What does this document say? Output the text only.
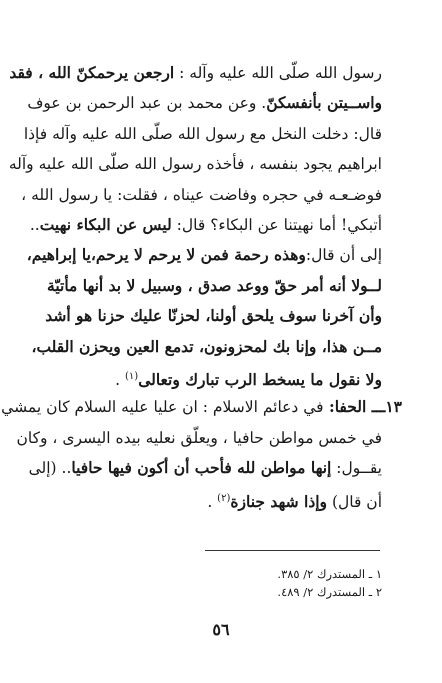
رسول الله صلّى الله عليه وآله : ارجعن يرحمكنّ الله ، فقد
واســيتن بأنفسكنّ. وعن محمد بن عبد الرحمن بن عوف
قال: دخلت النخل مع رسول الله صلّى الله عليه وآله فإذا
ابراهيم يجود بنفسه ، فأخذه رسول الله صلّى الله عليه وآله
فوضـعـه في حجره وفاضت عيناه ، فقلت: يا رسول الله ،
أتبكي! أما نهيتنا عن البكاء؟ قال: ليس عن البكاء نهيت..
إلى أن قال:وهذه رحمة فمن لا يرحم لا يرحم،يا إبراهيم،
لــولا أنه أمر حقّ ووعد صدق ، وسبيل لا بد أنها مأتيّة
وأن آخرنا سوف يلحق أولنا، لحزنّا عليك حزنا هو أشد
مــن هذا، وإنا بك لمحزونون، تدمع العين ويحزن القلب،
ولا نقول ما يسخط الرب تبارك وتعالى$^{(١)}$ .
١٣ـــ الحفا: في دعائم الاسلام : ان عليا عليه السلام كان يمشي
في خمس مواطن حافيا ، ويعلّق نعليه بيده اليسرى ، وكان
يقــول: إنها مواطن لله فأحب أن أكون فيها حافيا.. (إلى
أن قال) وإذا شهد جنازة$^{(٢)}$ .
١ ـ المستدرك ٢/ ٣٨٥.
٢ ـ المستدرك ٢/ ٤٨٩.
٥٦
